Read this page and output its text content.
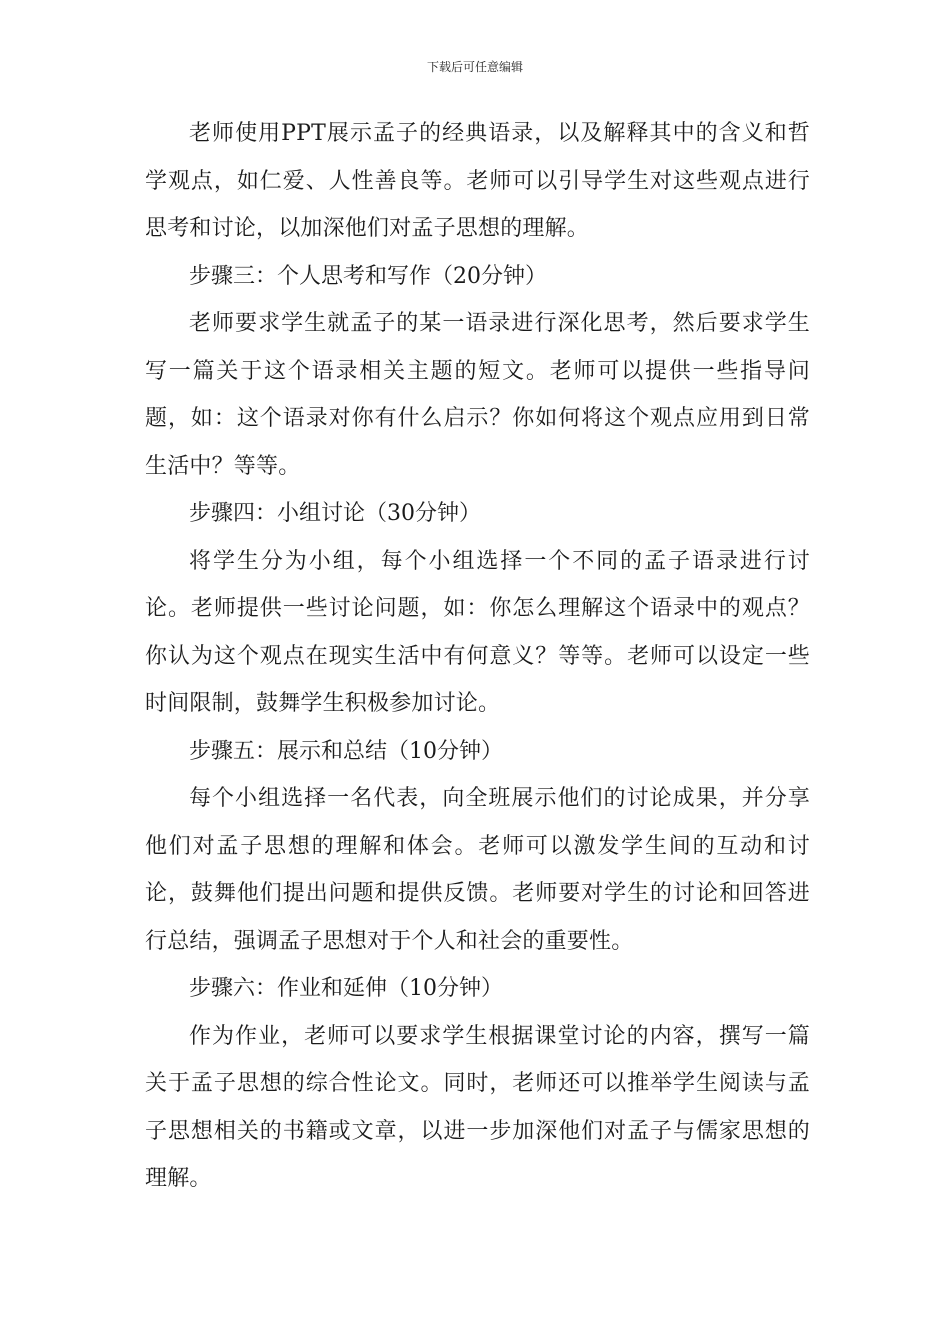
下载后可任意编辑

老师使用PPT展示孟子的经典语录，以及解释其中的含义和哲学观点，如仁爱、人性善良等。老师可以引导学生对这些观点进行思考和讨论，以加深他们对孟子思想的理解。

步骤三：个人思考和写作（20分钟）

老师要求学生就孟子的某一语录进行深化思考，然后要求学生写一篇关于这个语录相关主题的短文。老师可以提供一些指导问题，如：这个语录对你有什么启示？你如何将这个观点应用到日常生活中？等等。

步骤四：小组讨论（30分钟）

将学生分为小组，每个小组选择一个不同的孟子语录进行讨论。老师提供一些讨论问题，如：你怎么理解这个语录中的观点？你认为这个观点在现实生活中有何意义？等等。老师可以设定一些时间限制，鼓舞学生积极参加讨论。

步骤五：展示和总结（10分钟）

每个小组选择一名代表，向全班展示他们的讨论成果，并分享他们对孟子思想的理解和体会。老师可以激发学生间的互动和讨论，鼓舞他们提出问题和提供反馈。老师要对学生的讨论和回答进行总结，强调孟子思想对于个人和社会的重要性。

步骤六：作业和延伸（10分钟）

作为作业，老师可以要求学生根据课堂讨论的内容，撰写一篇关于孟子思想的综合性论文。同时，老师还可以推举学生阅读与孟子思想相关的书籍或文章，以进一步加深他们对孟子与儒家思想的理解。
